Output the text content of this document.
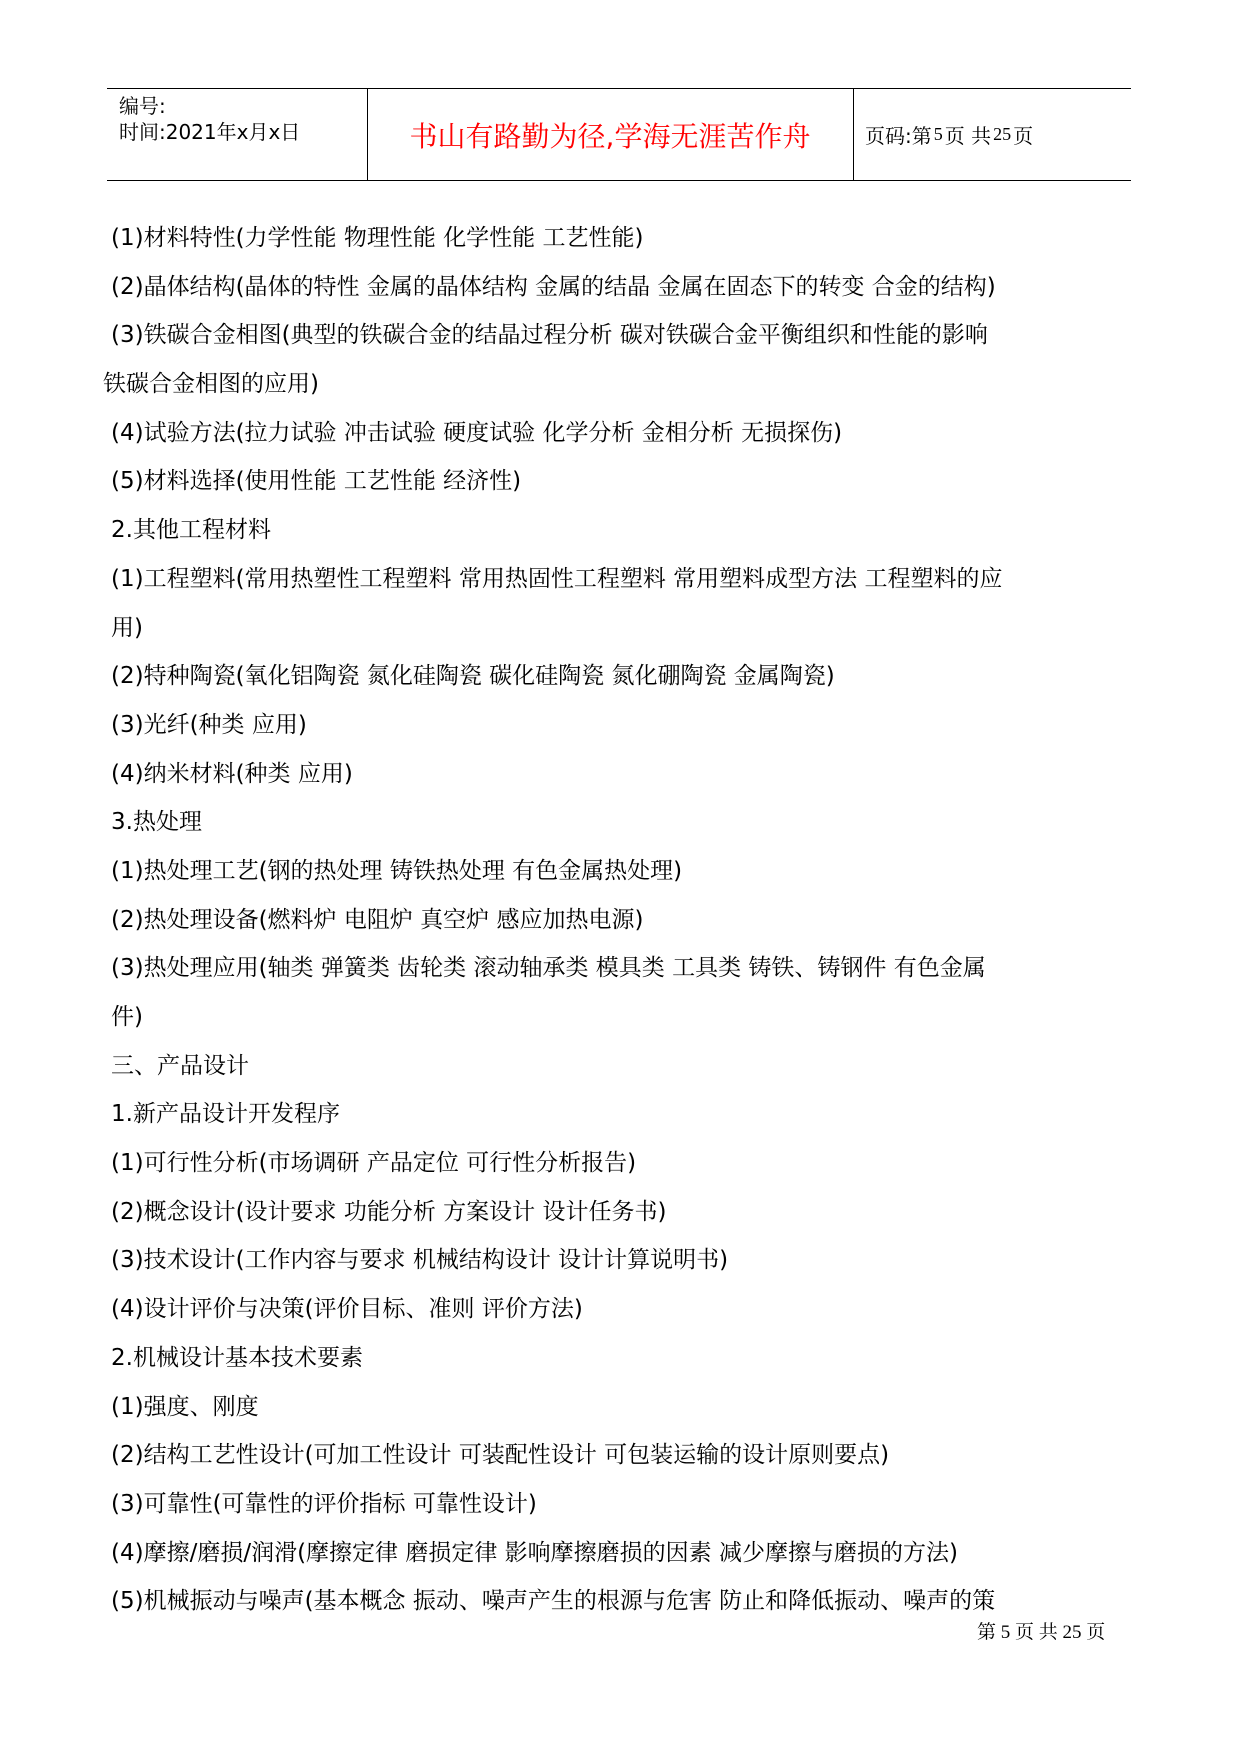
编号:
时间:2021年x月x日	书山有路勤为径,学海无涯苦作舟	页码:第 5 页 共 25 页
(1)材料特性(力学性能 物理性能 化学性能 工艺性能)
(2)晶体结构(晶体的特性 金属的晶体结构 金属的结晶 金属在固态下的转变 合金的结构)
(3)铁碳合金相图(典型的铁碳合金的结晶过程分析 碳对铁碳合金平衡组织和性能的影响
铁碳合金相图的应用)
(4)试验方法(拉力试验 冲击试验 硬度试验 化学分析 金相分析 无损探伤)
(5)材料选择(使用性能 工艺性能 经济性)
2.其他工程材料
(1)工程塑料(常用热塑性工程塑料 常用热固性工程塑料 常用塑料成型方法 工程塑料的应
用)
(2)特种陶瓷(氧化铝陶瓷 氮化硅陶瓷 碳化硅陶瓷 氮化硼陶瓷 金属陶瓷)
(3)光纤(种类 应用)
(4)纳米材料(种类 应用)
3.热处理
(1)热处理工艺(钢的热处理 铸铁热处理 有色金属热处理)
(2)热处理设备(燃料炉 电阻炉 真空炉 感应加热电源)
(3)热处理应用(轴类 弹簧类 齿轮类 滚动轴承类 模具类 工具类 铸铁、铸钢件 有色金属
件)
三、产品设计
1.新产品设计开发程序
(1)可行性分析(市场调研 产品定位 可行性分析报告)
(2)概念设计(设计要求 功能分析 方案设计 设计任务书)
(3)技术设计(工作内容与要求 机械结构设计 设计计算说明书)
(4)设计评价与决策(评价目标、准则 评价方法)
2.机械设计基本技术要素
(1)强度、刚度
(2)结构工艺性设计(可加工性设计 可装配性设计 可包装运输的设计原则要点)
(3)可靠性(可靠性的评价指标 可靠性设计)
(4)摩擦/磨损/润滑(摩擦定律 磨损定律 影响摩擦磨损的因素 减少摩擦与磨损的方法)
(5)机械振动与噪声(基本概念 振动、噪声产生的根源与危害 防止和降低振动、噪声的策
第 5 页 共 25 页
